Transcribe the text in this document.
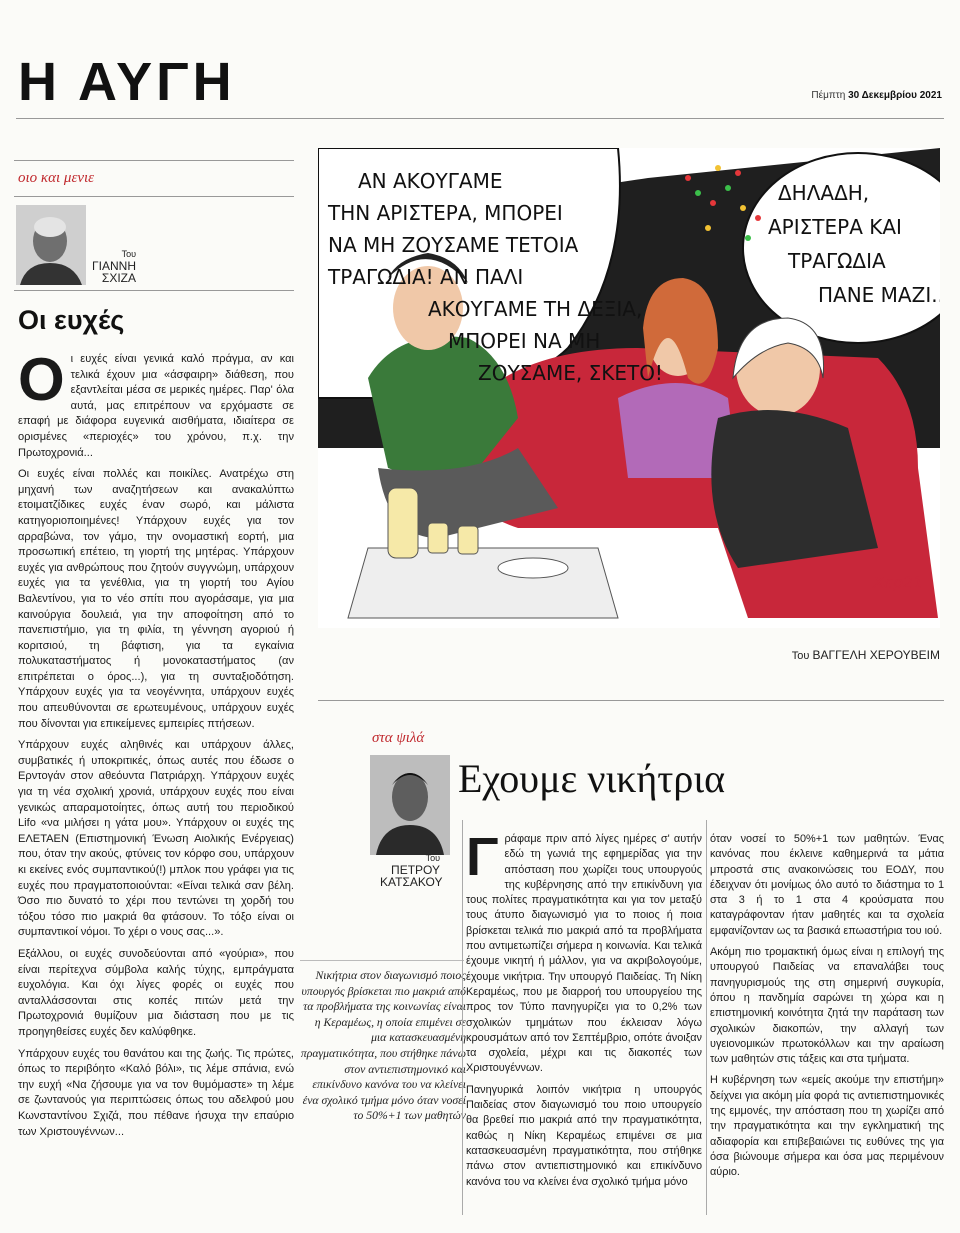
Η ΑΥΓΗ	Πέμπτη 30 Δεκεμβρίου 2021
οιο και μενιε
Του
ΓΙΑΝΝΗ
ΣΧΙΖΑ
Οι ευχές

Οι ευχές είναι γενικά καλό πράγμα, αν και τελικά έχουν μια «άσφαιρη» διάθεση, που εξαντλείται μέσα σε μερικές ημέρες. Παρ' όλα αυτά, μας επιτρέπουν να ερχόμαστε σε επαφή με διάφορα ευγενικά αισθήματα, ιδιαίτερα σε ορισμένες «περιοχές» του χρόνου, π.χ. την Πρωτοχρονιά...

Οι ευχές είναι πολλές και ποικίλες. Ανατρέχω στη μηχανή των αναζητήσεων και ανακαλύπτω ετοιματζίδικες ευχές έναν σωρό, και μάλιστα κατηγοριοποιημένες! Υπάρχουν ευχές για τον αρραβώνα, τον γάμο, την ονομαστική εορτή, μια προσωπική επέτειο, τη γιορτή της μητέρας. Υπάρχουν ευχές για ανθρώπους που ζητούν συγγνώμη, υπάρχουν ευχές για τα γενέθλια, για τη γιορτή του Αγίου Βαλεντίνου, για το νέο σπίτι που αγοράσαμε, για μια καινούργια δουλειά, για την αποφοίτηση από το πανεπιστήμιο, για τη φιλία, τη γέννηση αγοριού ή κοριτσιού, τη βάφτιση, για τα εγκαίνια πολυκαταστήματος ή μονοκαταστήματος (αν επιτρέπεται ο όρος...), για τη συνταξιοδότηση. Υπάρχουν ευχές για τα νεογέννητα, υπάρχουν ευχές που απευθύνονται σε ερωτευμένους, υπάρχουν ευχές που δίνονται για επικείμενες εμπειρίες πτήσεων.

Υπάρχουν ευχές αληθινές και υπάρχουν άλλες, συμβατικές ή υποκριτικές, όπως αυτές που έδωσε ο Ερντογάν στον αθεόυντα Πατριάρχη. Υπάρχουν ευχές για τη νέα σχολική χρονιά, υπάρχουν ευχές που είναι γενικώς απαραμοτοίητες, όπως αυτή του περιοδικού Lifo «να μιλήσει η γάτα μου». Υπάρχουν οι ευχές της ΕΛΕΤΑΕΝ (Επιστημονική Ένωση Αιολικής Ενέργειας) που, όταν την ακούς, φτύνεις τον κόρφο σου, υπάρχουν κι εκείνες ενός συμπαντικού(!) μπλοκ που γράφει για τις ευχές που πραγματοποιούνται: «Είναι τελικά σαν βέλη. Όσο πιο δυνατό το χέρι που τεντώνει τη χορδή του τόξου τόσο πιο μακριά θα φτάσουν. Το τόξο είναι οι συμπαντικοί νόμοι. Το χέρι ο νους σας...».

Εξάλλου, οι ευχές συνοδεύονται από «γούρια», που είναι περίτεχνα σύμβολα καλής τύχης, εμπράγματα ευχολόγια. Και όχι λίγες φορές οι ευχές που ανταλλάσσονται στις κοπές πιτών μετά την Πρωτοχρονιά θυμίζουν μια διάσταση που με τις προηγηθείσες ευχές δεν καλύφθηκε.

Υπάρχουν ευχές του θανάτου και της ζωής. Τις πρώτες, όπως το περιβόητο «Καλό βόλι», τις λέμε σπάνια, ενώ την ευχή «Να ζήσουμε για να τον θυμόμαστε» τη λέμε σε ζωντανούς για περιπτώσεις όπως του αδελφού μου Κωνσταντίνου Σχιζά, που πέθανε ήσυχα την επαύριο των Χριστουγέννων...

ΑΝ ΑΚΟΥΓΑΜΕ
ΤΗΝ ΑΡΙΣΤΕΡΑ, ΜΠΟΡΕΙ
ΝΑ ΜΗ ΖΟΥΣΑΜΕ ΤΕΤΟΙΑ
ΤΡΑΓΩΔΙΑ! ΑΝ ΠΑΛΙ
ΑΚΟΥΓΑΜΕ ΤΗ ΔΕΞΙΑ,
ΜΠΟΡΕΙ ΝΑ ΜΗ
ΖΟΥΣΑΜΕ, ΣΚΕΤΟ!
ΔΗΛΑΔΗ,
ΑΡΙΣΤΕΡΑ ΚΑΙ
ΤΡΑΓΩΔΙΑ
ΠΑΝΕ ΜΑΖΙ...
Χερ21
Του ΒΑΓΓΕΛΗ ΧΕΡΟΥΒΕΙΜ
στα ψιλά
Του
ΠΕΤΡΟΥ
ΚΑΤΣΑΚΟΥ
Εχουμε νικήτρια
Νικήτρια στον διαγωνισμό ποιος υπουργός βρίσκεται πιο μακριά από τα προβλήματα της κοινωνίας είναι η Κεραμέως, η οποία επιμένει σε μια κατασκευασμένη πραγματικότητα, που στήθηκε πάνω στον αντιεπιστημονικό και επικίνδυνο κανόνα του να κλείνει ένα σχολικό τμήμα μόνο όταν νοσεί το 50%+1 των μαθητών

Γράφαμε πριν από λίγες ημέρες σ' αυτήν εδώ τη γωνιά της εφημερίδας για την απόσταση που χωρίζει τους υπουργούς της κυβέρνησης από την επικίνδυνη για τους πολίτες πραγματικότητα και για τον μεταξύ τους άτυπο διαγωνισμό για το ποιος ή ποια βρίσκεται τελικά πιο μακριά από τα προβλήματα που αντιμετωπίζει σήμερα η κοινωνία. Και τελικά έχουμε νικητή ή μάλλον, για να ακριβολογούμε, έχουμε νικήτρια. Την υπουργό Παιδείας. Τη Νίκη Κεραμέως, που με διαρροή του υπουργείου της προς τον Τύπο πανηγυρίζει για το 0,2% των σχολικών τμημάτων που έκλεισαν λόγω κρουσμάτων από τον Σεπτέμβριο, οπότε άνοιξαν τα σχολεία, μέχρι και τις διακοπές των Χριστουγέννων.

Πανηγυρικά λοιπόν νικήτρια η υπουργός Παιδείας στον διαγωνισμό του ποιο υπουργείο θα βρεθεί πιο μακριά από την πραγματικότητα, καθώς η Νίκη Κεραμέως επιμένει σε μια κατασκευασμένη πραγματικότητα, που στήθηκε πάνω στον αντιεπιστημονικό και επικίνδυνο κανόνα του να κλείνει ένα σχολικό τμήμα μόνο

όταν νοσεί το 50%+1 των μαθητών. Ένας κανόνας που έκλεινε καθημερινά τα μάτια μπροστά στις ανακοινώσεις του ΕΟΔΥ, που έδειχναν ότι μονίμως όλο αυτό το διάστημα το 1 στα 3 ή το 1 στα 4 κρούσματα που καταγράφονταν ήταν μαθητές και τα σχολεία εμφανίζονταν ως τα βασικά επωαστήρια του ιού.

Ακόμη πιο τρομακτική όμως είναι η επιλογή της υπουργού Παιδείας να επαναλάβει τους πανηγυρισμούς της στη σημερινή συγκυρία, όπου η πανδημία σαρώνει τη χώρα και η επιστημονική κοινότητα ζητά την παράταση των σχολικών διακοπών, την αλλαγή των υγειονομικών πρωτοκόλλων και την αραίωση των μαθητών στις τάξεις και στα τμήματα.

Η κυβέρνηση των «εμείς ακούμε την επιστήμη» δείχνει για ακόμη μία φορά τις αντιεπιστημονικές της εμμονές, την απόσταση που τη χωρίζει από την πραγματικότητα και την εγκληματική της αδιαφορία και επιβεβαιώνει τις ευθύνες της για όσα βιώνουμε σήμερα και όσα μας περιμένουν αύριο.
